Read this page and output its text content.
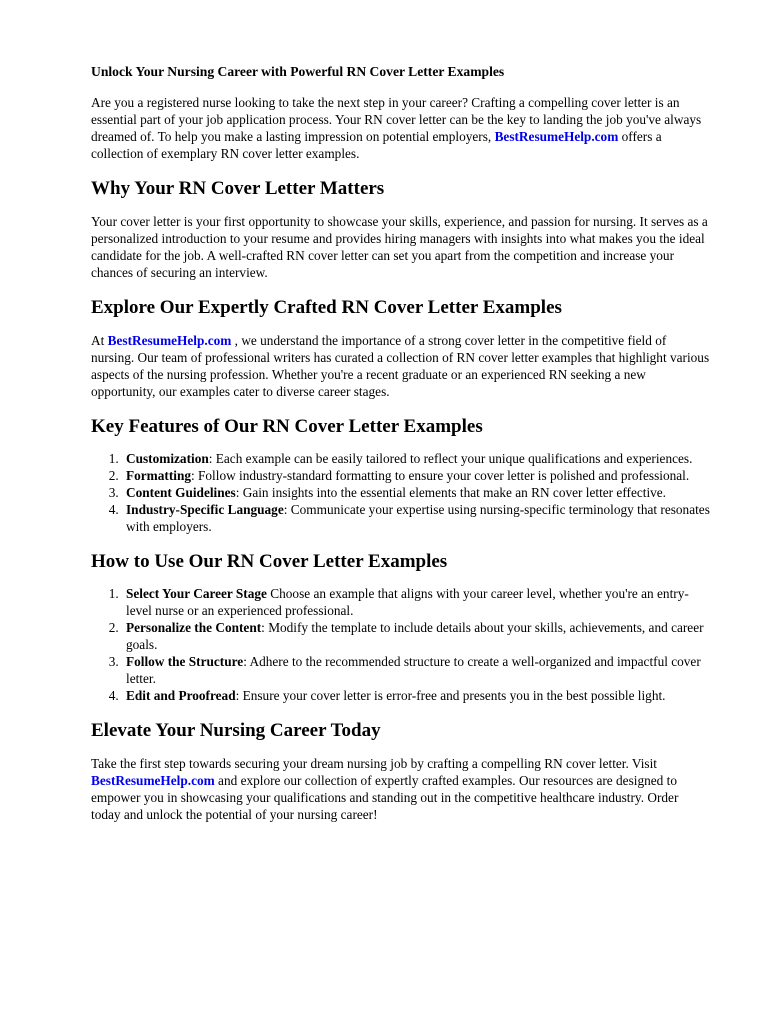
Unlock Your Nursing Career with Powerful RN Cover Letter Examples

Are you a registered nurse looking to take the next step in your career? Crafting a compelling cover letter is an essential part of your job application process. Your RN cover letter can be the key to landing the job you've always dreamed of. To help you make a lasting impression on potential employers, BestResumeHelp.com offers a collection of exemplary RN cover letter examples.

Why Your RN Cover Letter Matters

Your cover letter is your first opportunity to showcase your skills, experience, and passion for nursing. It serves as a personalized introduction to your resume and provides hiring managers with insights into what makes you the ideal candidate for the job. A well-crafted RN cover letter can set you apart from the competition and increase your chances of securing an interview.

Explore Our Expertly Crafted RN Cover Letter Examples

At BestResumeHelp.com , we understand the importance of a strong cover letter in the competitive field of nursing. Our team of professional writers has curated a collection of RN cover letter examples that highlight various aspects of the nursing profession. Whether you're a recent graduate or an experienced RN seeking a new opportunity, our examples cater to diverse career stages.

Key Features of Our RN Cover Letter Examples
1. Customization: Each example can be easily tailored to reflect your unique qualifications and experiences.
2. Formatting: Follow industry-standard formatting to ensure your cover letter is polished and professional.
3. Content Guidelines: Gain insights into the essential elements that make an RN cover letter effective.
4. Industry-Specific Language: Communicate your expertise using nursing-specific terminology that resonates with employers.
How to Use Our RN Cover Letter Examples
1. Select Your Career Stage Choose an example that aligns with your career level, whether you're an entry-level nurse or an experienced professional.
2. Personalize the Content: Modify the template to include details about your skills, achievements, and career goals.
3. Follow the Structure: Adhere to the recommended structure to create a well-organized and impactful cover letter.
4. Edit and Proofread: Ensure your cover letter is error-free and presents you in the best possible light.
Elevate Your Nursing Career Today

Take the first step towards securing your dream nursing job by crafting a compelling RN cover letter. Visit BestResumeHelp.com and explore our collection of expertly crafted examples. Our resources are designed to empower you in showcasing your qualifications and standing out in the competitive healthcare industry. Order today and unlock the potential of your nursing career!
